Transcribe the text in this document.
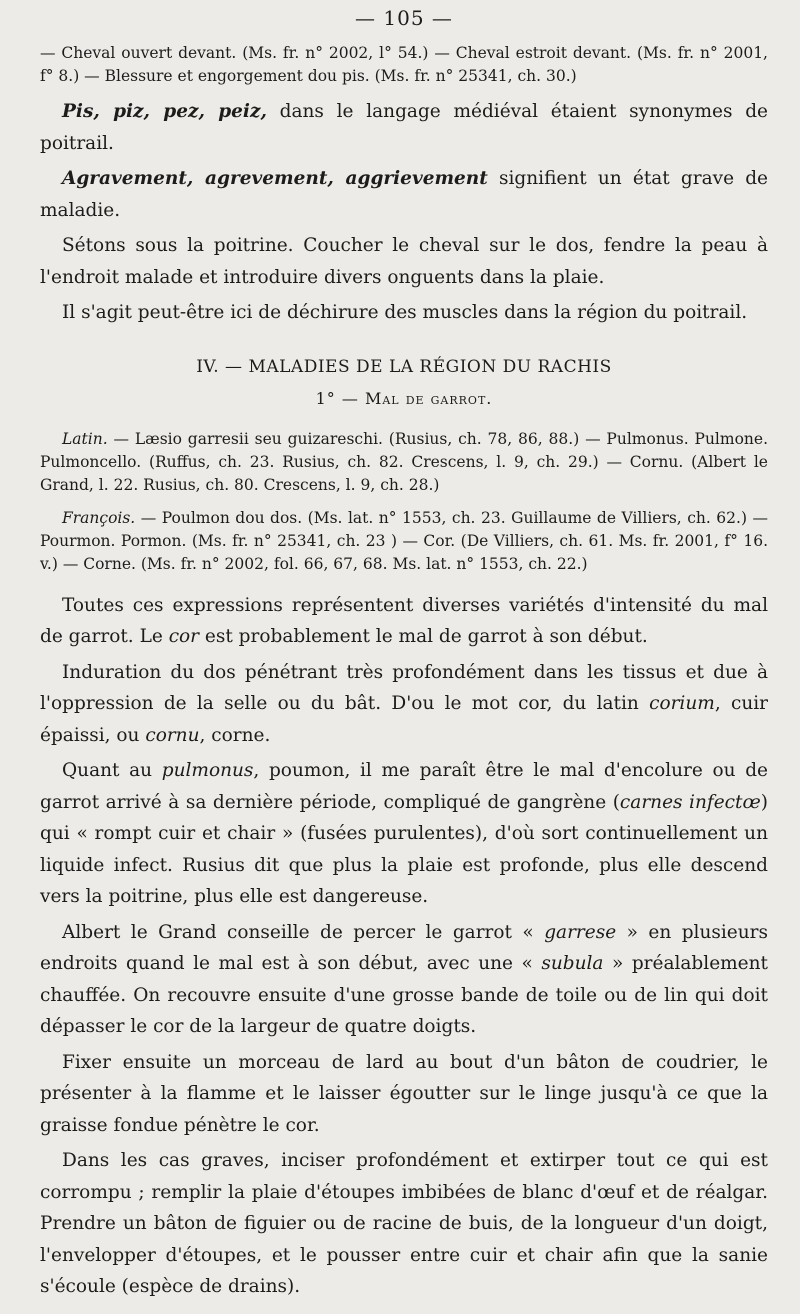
— 105 —

— Cheval ouvert devant. (Ms. fr. n° 2002, l° 54.) — Cheval estroit devant. (Ms. fr. n° 2001, f° 8.) — Blessure et engorgement dou pis. (Ms. fr. n° 25341, ch. 30.)

Pis, piz, pez, peiz, dans le langage médiéval étaient synonymes de poitrail.

Agravement, agrevement, aggrievement signifient un état grave de maladie.

Sétons sous la poitrine. Coucher le cheval sur le dos, fendre la peau à l'endroit malade et introduire divers onguents dans la plaie.

Il s'agit peut-être ici de déchirure des muscles dans la région du poitrail.

IV. — MALADIES DE LA RÉGION DU RACHIS
1° — Mal de garrot.

Latin. — Læsio garresii seu guizareschi. (Rusius, ch. 78, 86, 88.) — Pulmonus. Pulmone. Pulmoncello. (Ruffus, ch. 23. Rusius, ch. 82. Crescens, l. 9, ch. 29.) — Cornu. (Albert le Grand, l. 22. Rusius, ch. 80. Crescens, l. 9, ch. 28.)

François. — Poulmon dou dos. (Ms. lat. n° 1553, ch. 23. Guillaume de Villiers, ch. 62.) — Pourmon. Pormon. (Ms. fr. n° 25341, ch. 23 ) — Cor. (De Villiers, ch. 61. Ms. fr. 2001, f° 16. v.) — Corne. (Ms. fr. n° 2002, fol. 66, 67, 68. Ms. lat. n° 1553, ch. 22.)

Toutes ces expressions représentent diverses variétés d'intensité du mal de garrot. Le cor est probablement le mal de garrot à son début.

Induration du dos pénétrant très profondément dans les tissus et due à l'oppression de la selle ou du bât. D'ou le mot cor, du latin corium, cuir épaissi, ou cornu, corne.

Quant au pulmonus, poumon, il me paraît être le mal d'encolure ou de garrot arrivé à sa dernière période, compliqué de gangrène (carnes infectœ) qui « rompt cuir et chair » (fusées purulentes), d'où sort continuellement un liquide infect. Rusius dit que plus la plaie est profonde, plus elle descend vers la poitrine, plus elle est dangereuse.

Albert le Grand conseille de percer le garrot « garrese » en plusieurs endroits quand le mal est à son début, avec une « subula » préalablement chauffée. On recouvre ensuite d'une grosse bande de toile ou de lin qui doit dépasser le cor de la largeur de quatre doigts.

Fixer ensuite un morceau de lard au bout d'un bâton de coudrier, le présenter à la flamme et le laisser égoutter sur le linge jusqu'à ce que la graisse fondue pénètre le cor.

Dans les cas graves, inciser profondément et extirper tout ce qui est corrompu ; remplir la plaie d'étoupes imbibées de blanc d'œuf et de réalgar. Prendre un bâton de figuier ou de racine de buis, de la longueur d'un doigt, l'envelopper d'étoupes, et le pousser entre cuir et chair afin que la sanie s'écoule (espèce de drains).
